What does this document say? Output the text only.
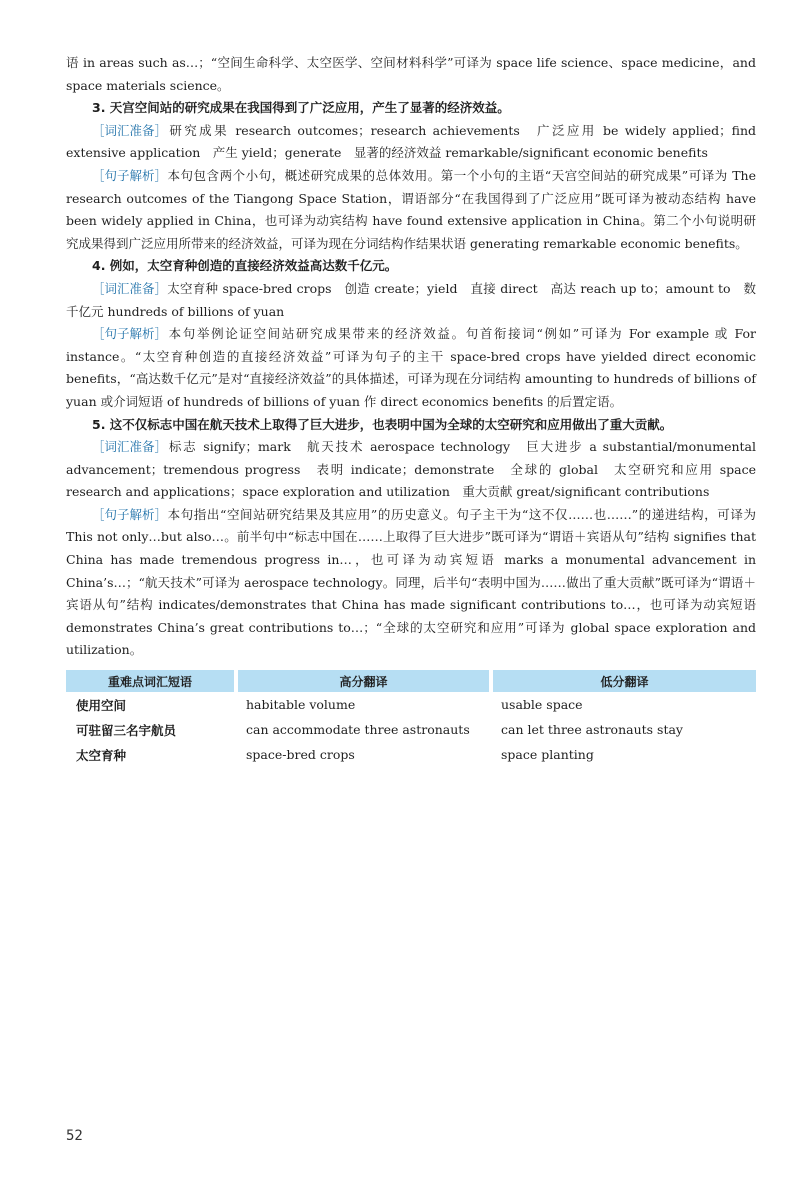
语 in areas such as…；“空间生命科学、太空医学、空间材料科学”可译为 space life science、space medicine，and space materials science。

3. 天宫空间站的研究成果在我国得到了广泛应用，产生了显著的经济效益。

［词汇准备］研究成果 research outcomes；research achievements　广泛应用 be widely applied；find extensive application　产生 yield；generate　显著的经济效益 remarkable/significant economic benefits

［句子解析］本句包含两个小句，概述研究成果的总体效用。第一个小句的主语“天宫空间站的研究成果”可译为 The research outcomes of the Tiangong Space Station，谓语部分“在我国得到了广泛应用”既可译为被动态结构 have been widely applied in China，也可译为动宾结构 have found extensive application in China。第二个小句说明研究成果得到广泛应用所带来的经济效益，可译为现在分词结构作结果状语 generating remarkable economic benefits。

4. 例如，太空育种创造的直接经济效益高达数千亿元。

［词汇准备］太空育种 space-bred crops　创造 create；yield　直接 direct　高达 reach up to；amount to　数千亿元 hundreds of billions of yuan

［句子解析］本句举例论证空间站研究成果带来的经济效益。句首衔接词“例如”可译为 For example 或 For instance。“太空育种创造的直接经济效益”可译为句子的主干 space-bred crops have yielded direct economic benefits，“高达数千亿元”是对“直接经济效益”的具体描述，可译为现在分词结构 amounting to hundreds of billions of yuan 或介词短语 of hundreds of billions of yuan 作 direct economics benefits 的后置定语。

5. 这不仅标志中国在航天技术上取得了巨大进步，也表明中国为全球的太空研究和应用做出了重大贡献。

［词汇准备］标志 signify；mark　航天技术 aerospace technology　巨大进步 a substantial/monumental advancement；tremendous progress　表明 indicate；demonstrate　全球的 global　太空研究和应用 space research and applications；space exploration and utilization　重大贡献 great/significant contributions

［句子解析］本句指出“空间站研究结果及其应用”的历史意义。句子主干为“这不仅……也……”的递进结构，可译为 This not only…but also…。前半句中“标志中国在……上取得了巨大进步”既可译为“谓语＋宾语从句”结构 signifies that China has made tremendous progress in…，也可译为动宾短语 marks a monumental advancement in China’s…；“航天技术”可译为 aerospace technology。同理，后半句“表明中国为……做出了重大贡献”既可译为“谓语＋宾语从句”结构 indicates/demonstrates that China has made significant contributions to…，也可译为动宾短语 demonstrates China’s great contributions to…；“全球的太空研究和应用”可译为 global space exploration and utilization。

重难点词汇短语	高分翻译	低分翻译
使用空间	habitable volume	usable space
可驻留三名宇航员	can accommodate three astronauts	can let three astronauts stay
太空育种	space-bred crops	space planting
52
